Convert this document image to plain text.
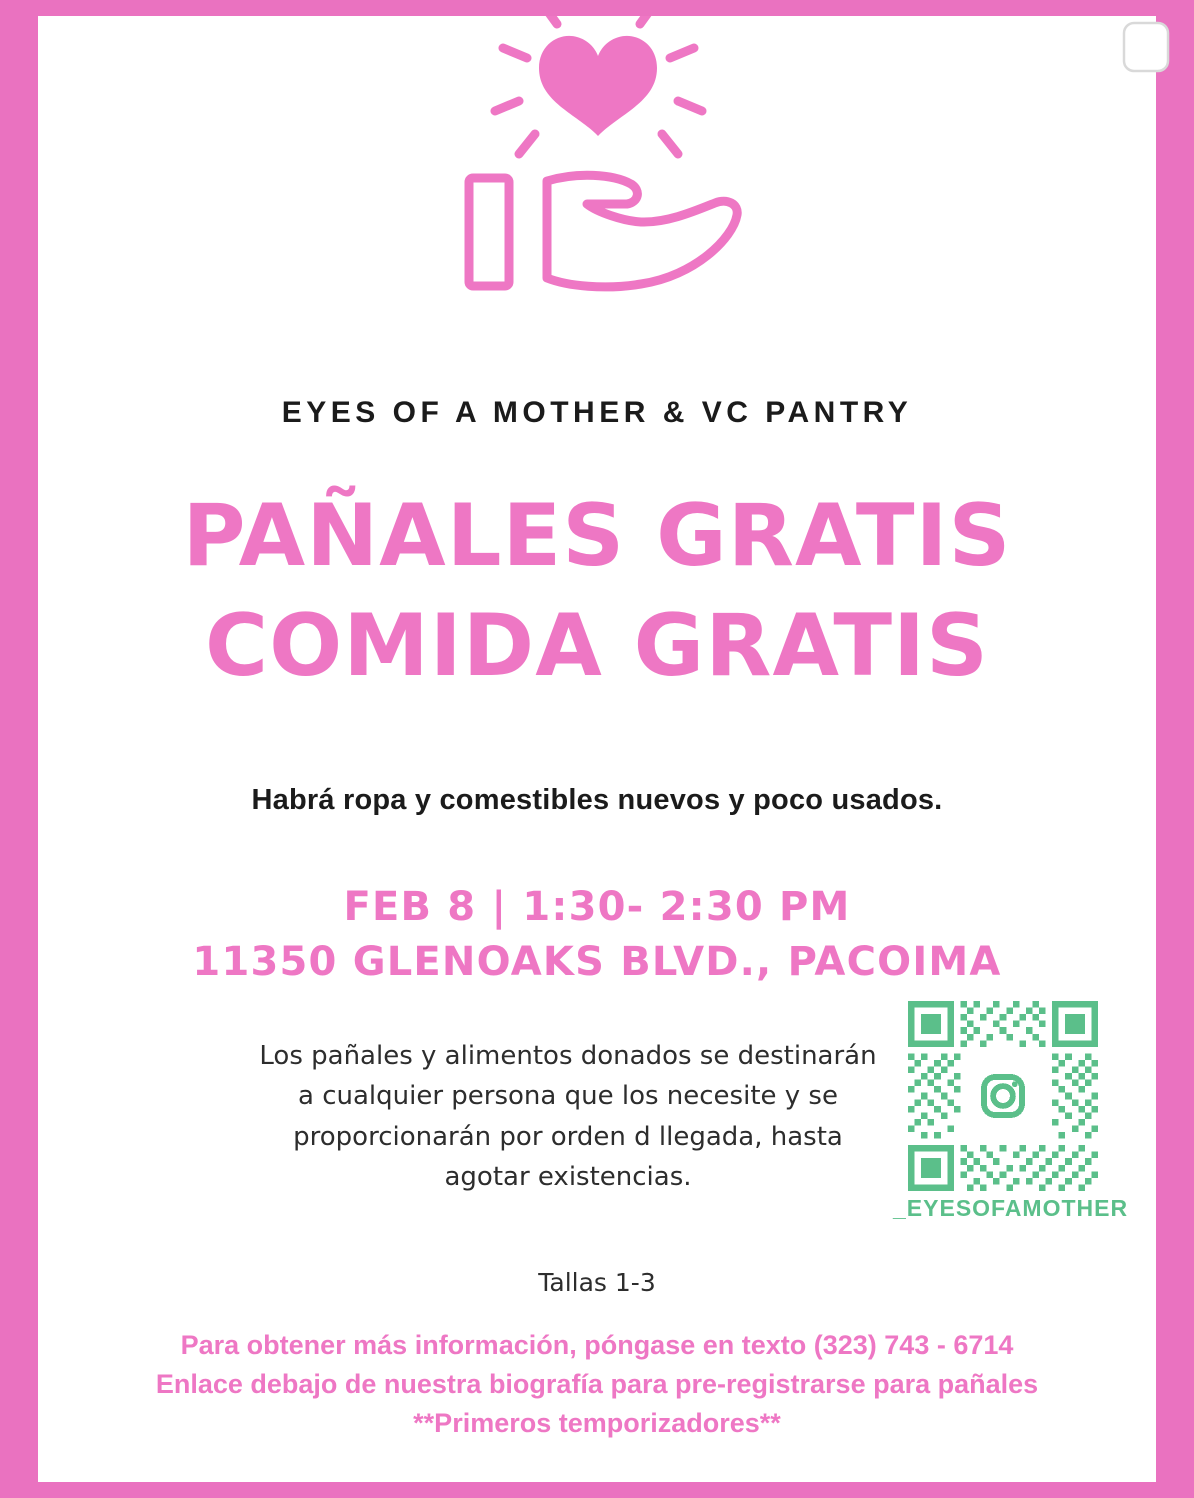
EYES OF A MOTHER & VC PANTRY
PAÑALES GRATIS
COMIDA GRATIS
Habrá ropa y comestibles nuevos y poco usados.
FEB 8 | 1:30- 2:30 PM
11350 GLENOAKS BLVD., PACOIMA
Los pañales y alimentos donados se destinarán a cualquier persona que los necesite y se proporcionarán por orden d llegada, hasta agotar existencias.
Tallas 1-3
_EYESOFAMOTHER
Para obtener más información, póngase en texto (323) 743 - 6714
Enlace debajo de nuestra biografía para pre-registrarse para pañales
**Primeros temporizadores**
